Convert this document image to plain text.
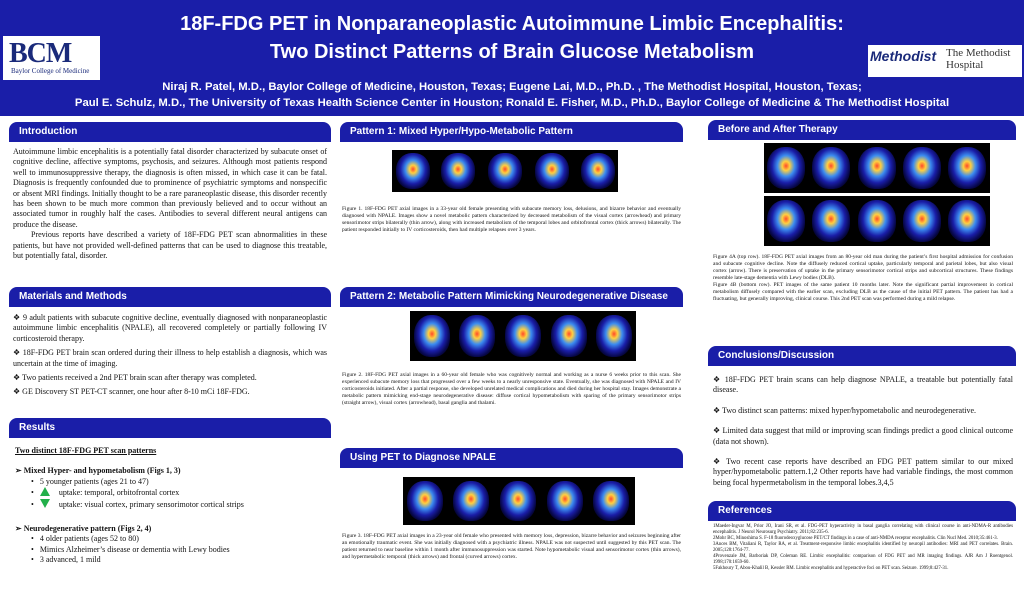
18F-FDG PET in Nonparaneoplastic Autoimmune Limbic Encephalitis:
Two Distinct Patterns of Brain Glucose Metabolism
Niraj R. Patel, M.D., Baylor College of Medicine, Houston, Texas; Eugene Lai, M.D., Ph.D. , The Methodist Hospital, Houston, Texas;
Paul E. Schulz, M.D., The University of Texas Health Science Center in Houston; Ronald E. Fisher, M.D., Ph.D., Baylor College of Medicine & The Methodist Hospital
BCM
Baylor College of Medicine
Methodist The Methodist Hospital
Introduction
Autoimmune limbic encephalitis is a potentially fatal disorder characterized by subacute onset of cognitive decline, affective symptoms, psychosis, and seizures. Although most patients respond well to immunosuppressive therapy, the diagnosis is often missed, in which case it can be fatal. Diagnosis is frequently confounded due to prominence of psychiatric symptoms and nonspecific or absent MRI findings. Initially thought to be a rare paraneoplastic disease, this disorder recently has been shown to be much more common than previously believed and to occur without an associated tumor in roughly half the cases. Antibodies to several different neural antigens can produce the disease.
Previous reports have described a variety of 18F-FDG PET scan abnormalities in these patients, but have not provided well-defined patterns that can be used to diagnose this treatable, but potentially fatal, disorder.
Materials and Methods
❖ 9 adult patients with subacute cognitive decline, eventually diagnosed with nonparaneoplastic autoimmune limbic encephalitis (NPALE), all recovered completely or partially following IV corticosteroid therapy.
❖ 18F-FDG PET brain scan ordered during their illness to help establish a diagnosis, which was uncertain at the time of imaging.
❖ Two patients received a 2nd PET brain scan after therapy was completed.
❖ GE Discovery ST PET-CT scanner, one hour after 8-10 mCi 18F-FDG.
Results
Two distinct 18F-FDG PET scan patterns
➢ Mixed Hyper- and hypometabolism (Figs 1, 3)
•   5 younger patients (ages 21 to 47)
•      uptake: temporal, orbitofrontal cortex
•      uptake: visual cortex, primary sensorimotor cortical strips
➢ Neurodegenerative pattern (Figs 2, 4)
•   4 older patients (ages 52 to 80)
•   Mimics Alzheimer’s disease or dementia with Lewy bodies
•   3 advanced, 1 mild
Pattern 1: Mixed Hyper/Hypo-Metabolic Pattern
Figure 1. 18F-FDG PET axial images in a 33-year old female presenting with subacute memory loss, delusions, and bizarre behavior and eventually diagnosed with NPALE. Images show a novel metabolic pattern characterized by decreased metabolism of the visual cortex (arrowhead) and primary sensorimotor strips bilaterally (thin arrow), along with increased metabolism of the temporal lobes and orbitofrontal cortex (thick arrows) bilaterally. The patient responded initially to IV corticosteroids, then had multiple relapses over 3 years.
Pattern 2: Metabolic Pattern Mimicking Neurodegenerative Disease
Figure 2. 18F-FDG PET axial images in a 60-year old female who was cognitively normal and working as a nurse 6 weeks prior to this scan. She experienced subacute memory loss that progressed over a few weeks to a nearly unresponsive state. Eventually, she was diagnosed with NPALE and IV corticosteroids initiated. After a partial response, she developed unrelated medical complications and died during her hospital stay. Images demonstrate a metabolic pattern mimicking end-stage neurodegenerative disease: diffuse cortical hypometabolism with sparing of the primary sensorimotor strips (straight arrow), visual cortex (arrowhead), basal ganglia and thalami.
Using PET to Diagnose NPALE
Figure 3. 18F-FDG PET axial images in a 23-year old female who presented with memory loss, depression, bizarre behavior and seizures beginning after an emotionally traumatic event. She was initially diagnosed with a psychiatric illness. NPALE was not suspected until suggested by this PET scan. The patient returned to near baseline within 1 month after immunosuppression was started. Note hypometabolic visual and sensorimotor cortex (thin arrows), and hypermetabolic temporal (thick arrows) and frontal (curved arrows) cortex.
Before and After Therapy
Figure 4A (top row). 18F-FDG PET axial images from an 80-year old man during the patient’s first hospital admission for confusion and subacute cognitive decline. Note the diffusely reduced cortical uptake, particularly temporal and parietal lobes, but also visual cortex (arrow). There is preservation of uptake in the primary sensorimotor cortical strips and subcortical structures. These findings resemble late-stage dementia with Lewy bodies (DLB).
Figure 4B (bottom row). PET images of the same patient 10 months later. Note the significant partial improvement in cortical metabolism diffusely compared with the earlier scan, excluding DLB as the cause of the initial PET pattern. The patient has had a fluctuating, but generally improving, clinical course. This 2nd PET scan was performed during a mild relapse.
Conclusions/Discussion
❖ 18F-FDG PET brain scans can help diagnose NPALE, a treatable but potentially fatal disease.
❖ Two distinct scan patterns: mixed hyper/hypometabolic and neurodegenerative.
❖ Limited data suggest that mild or improving scan findings predict a good clinical outcome (data not shown).
❖ Two recent case reports have described an FDG PET pattern similar to our mixed hyper/hypometabolic pattern.1,2 Other reports have had variable findings, the most common being focal hypermetabolism in the temporal lobes.3,4,5
References
1Maeder-Ingvar M, Prior JO, Irani SR, et al. FDG-PET hyperactivity in basal ganglia correlating with clinical course in anti-NDMA-R antibodies encephalitis. J Neurol Neurosurg Psychiatry. 2011;82:235-6.
2Mohr BC, Minoshima S. F-18 fluorodeoxyglucose PET/CT findings in a case of anti-NMDA receptor encephalitis. Clin Nucl Med. 2010;35:461-3.
3Ances BM, Vitaliani R, Taylor RA, et al. Treatment-responsive limbic encephalitis identified by neuropil antibodies: MRI and PET correlates. Brain. 2005;128:1764-77.
4Provenzale JM, Barboriak DP, Coleman RE. Limbic encephalitis: comparison of FDG PET and MR imaging findings. AJR Am J Roentgenol. 1998;170:1659-60.
5Fakhoury T, Abou-Khalil B, Kessler RM. Limbic encephalitis and hyperactive foci on PET scan. Seizure. 1999;8:427-31.
